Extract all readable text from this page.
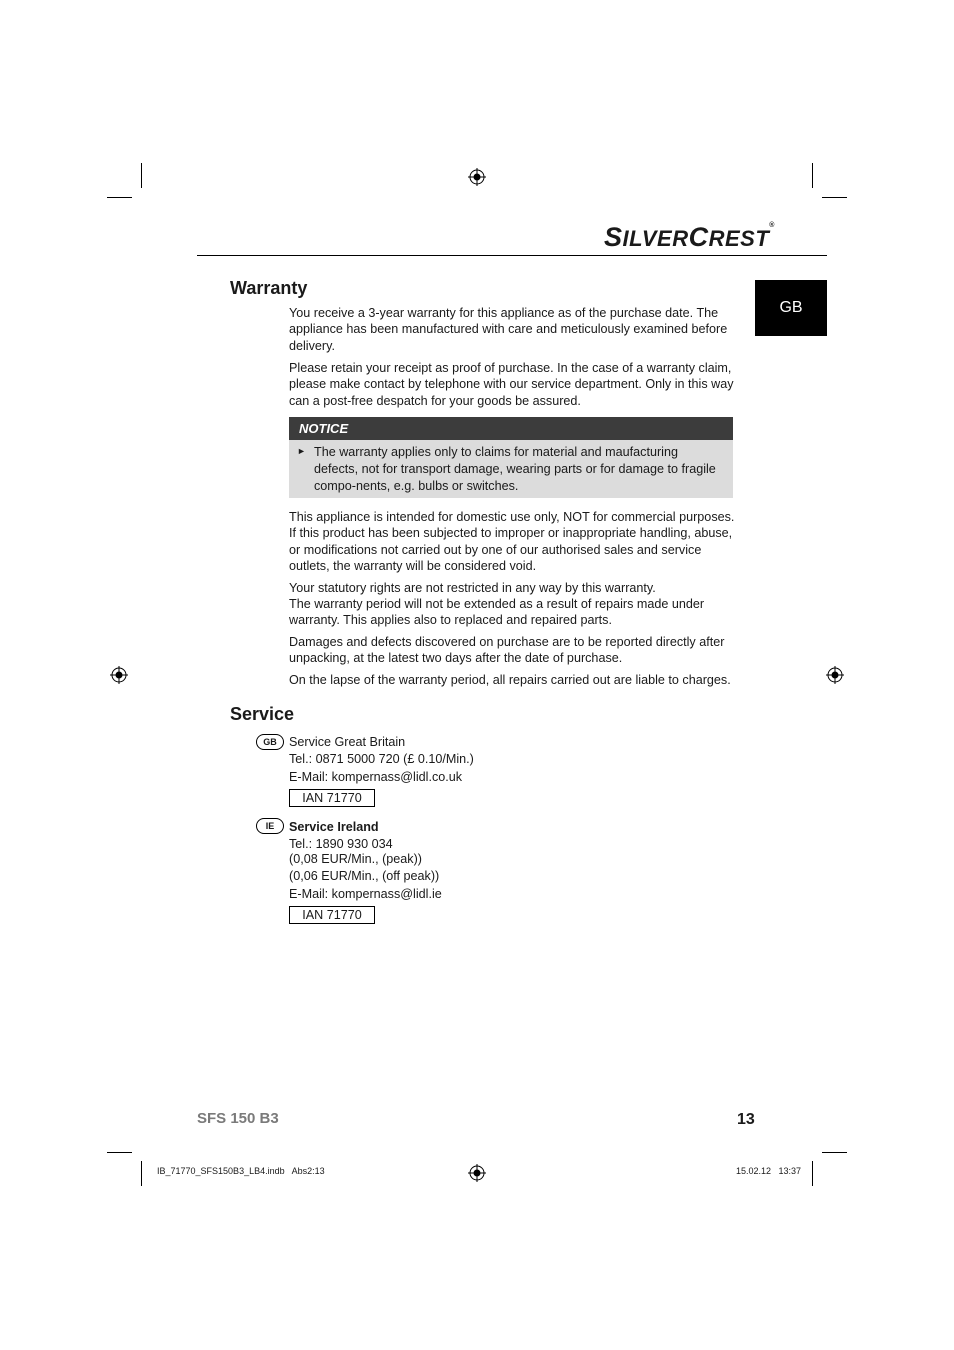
SILVERCREST®
GB
Warranty

You receive a 3-year warranty for this appliance as of the purchase date. The appliance has been manufactured with care and meticulously examined before delivery.

Please retain your receipt as proof of purchase. In the case of a warranty claim, please make contact by telephone with our service department. Only in this way can a post-free despatch for your goods be assured.

NOTICE
► The warranty applies only to claims for material and maufacturing defects, not for transport damage, wearing parts or for damage to fragile compo-nents, e.g. bulbs or switches.

This appliance is intended for domestic use only, NOT for commercial purposes. If this product has been subjected to improper or inappropriate handling, abuse, or modifications not carried out by one of our authorised sales and service outlets, the warranty will be considered void.

Your statutory rights are not restricted in any way by this warranty.

The warranty period will not be extended as a result of repairs made under warranty. This applies also to replaced and repaired parts.

Damages and defects discovered on purchase are to be reported directly after unpacking, at the latest two days after the date of purchase.

On the lapse of the warranty period, all repairs carried out are liable to charges.

Service
GB Service Great Britain
Tel.: 0871 5000 720 (£ 0.10/Min.)
E-Mail: kompernass@lidl.co.uk
IAN 71770
IE	Service Ireland
Tel.: 1890 930 034
(0,08 EUR/Min., (peak))
(0,06 EUR/Min., (off peak))
E-Mail: kompernass@lidl.ie
IAN 71770
SFS 150 B3	13
IB_71770_SFS150B3_LB4.indb   Abs2:13	15.02.12   13:37
